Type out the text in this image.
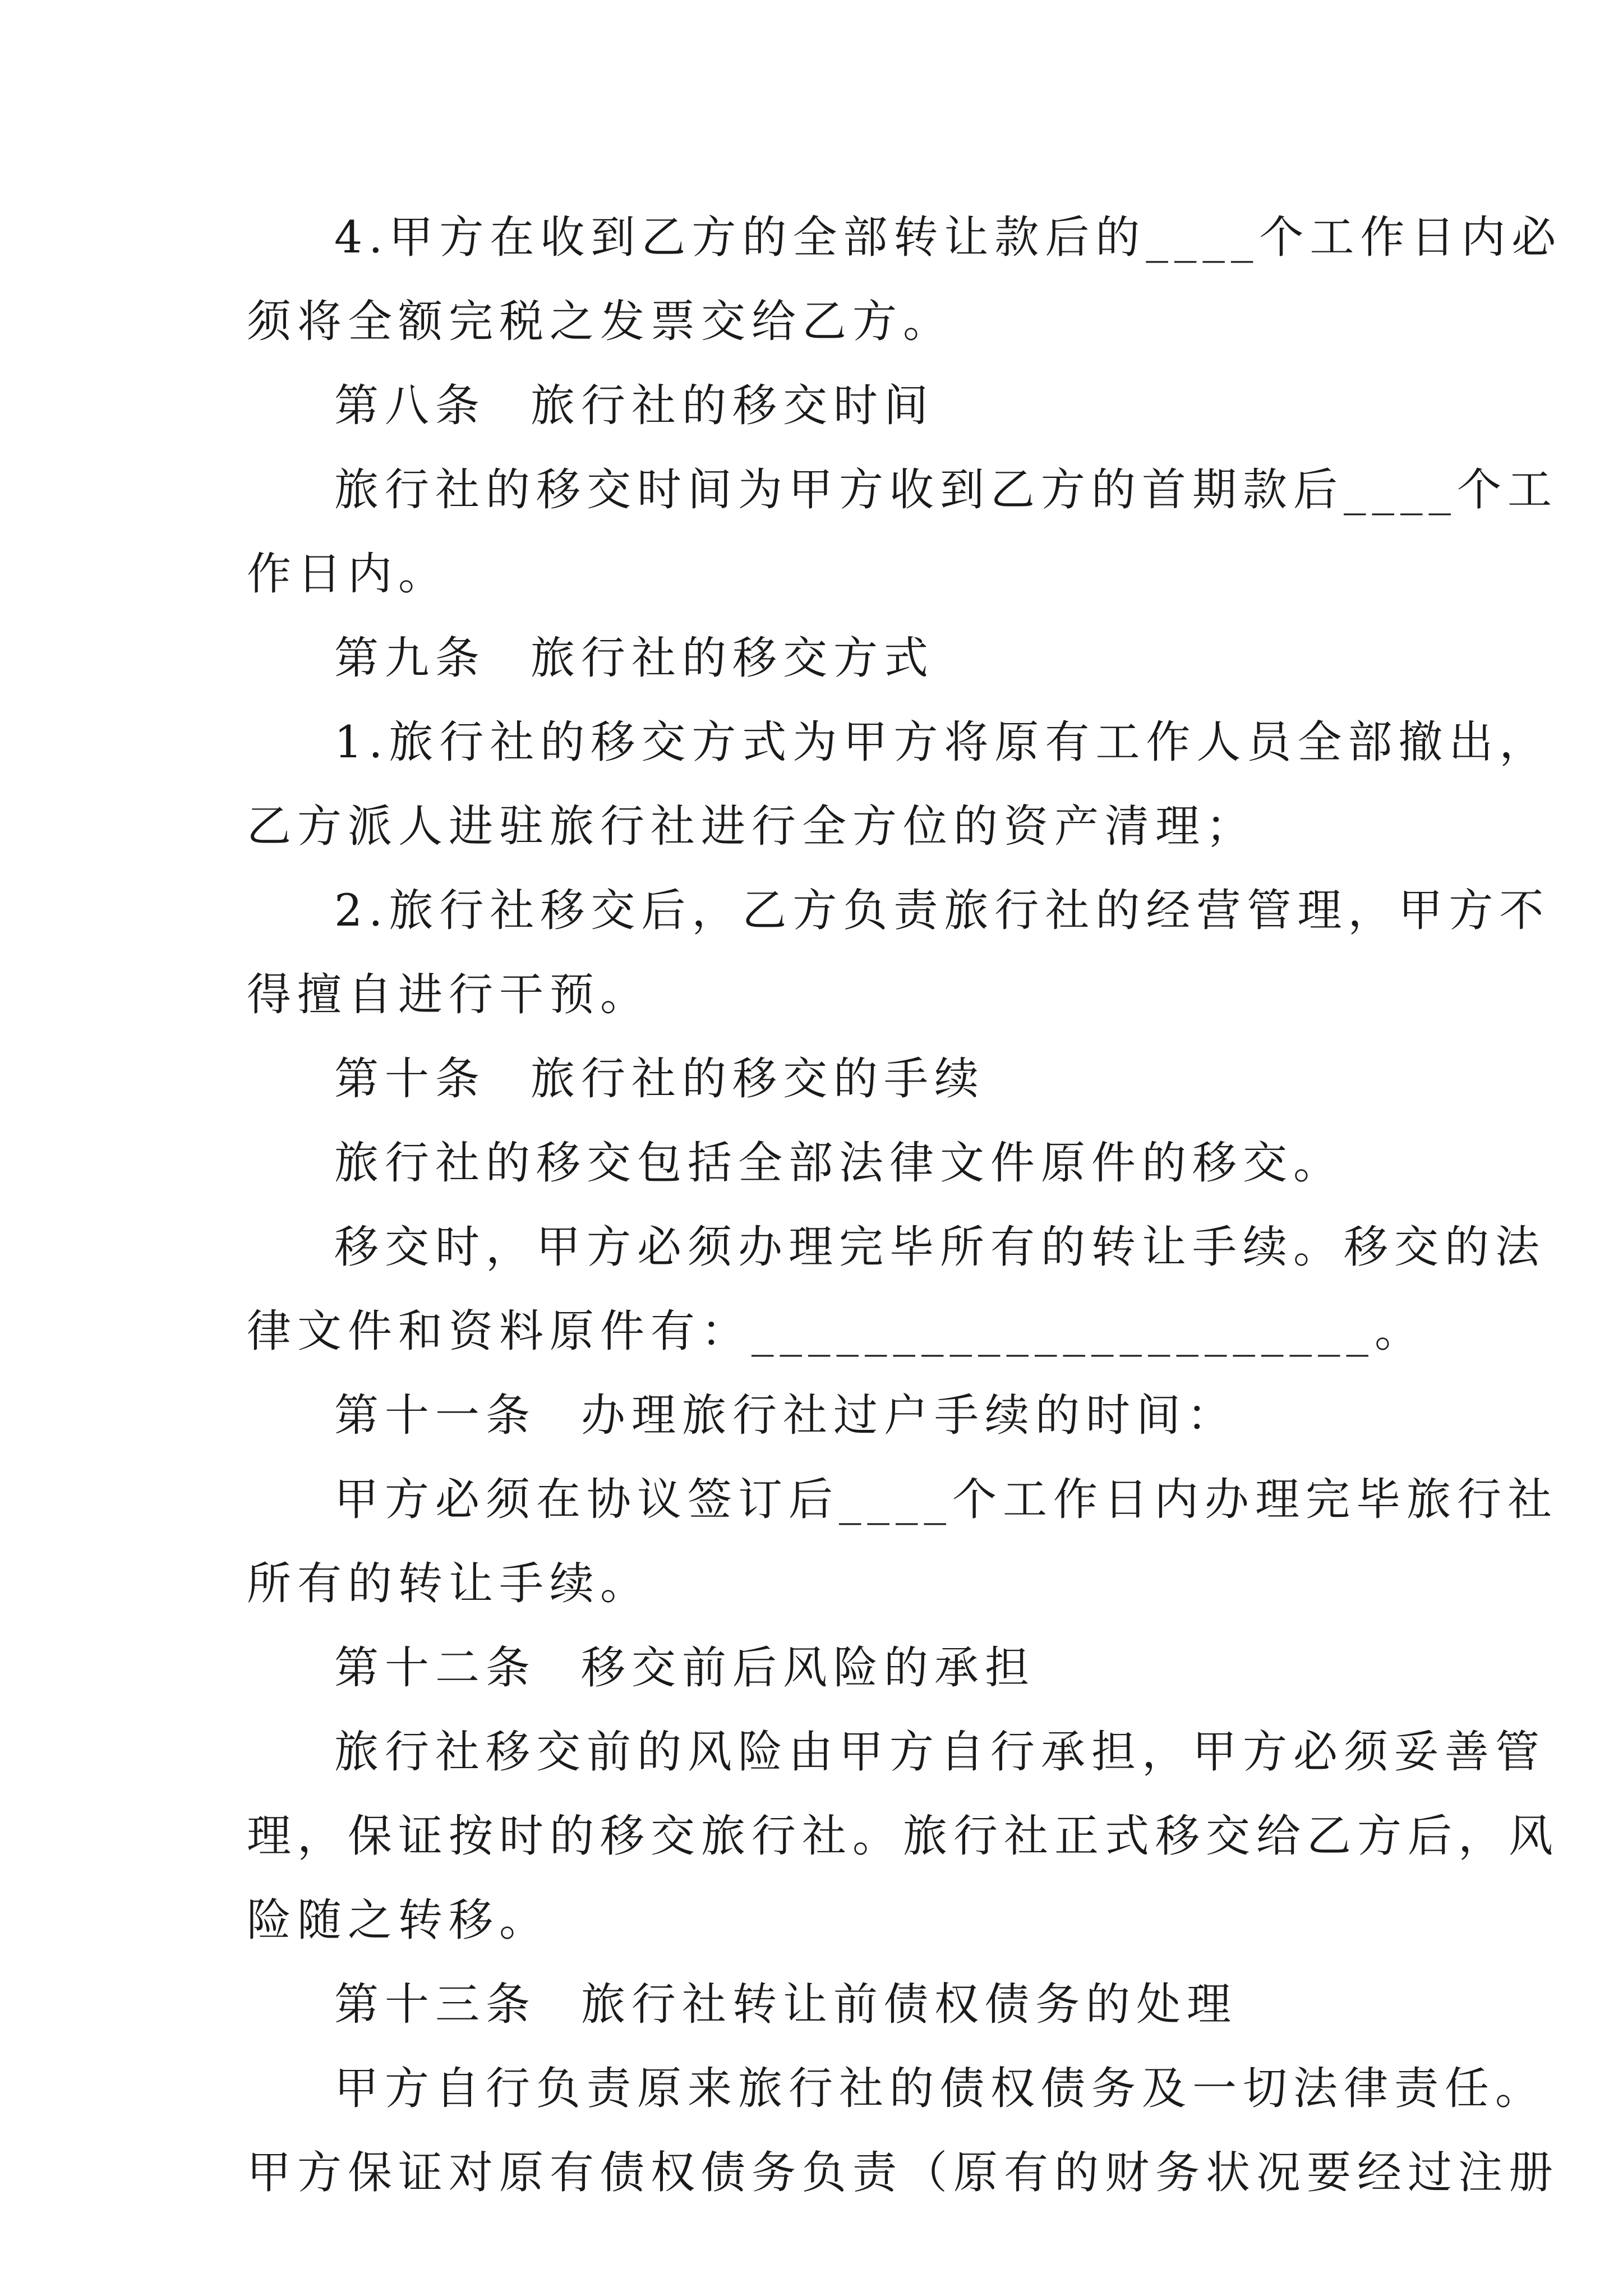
4.甲方在收到乙方的全部转让款后的____个工作日内必
须将全额完税之发票交给乙方。
第八条 旅行社的移交时间
旅行社的移交时间为甲方收到乙方的首期款后____个工
作日内。
第九条 旅行社的移交方式
1.旅行社的移交方式为甲方将原有工作人员全部撤出，
乙方派人进驻旅行社进行全方位的资产清理；
2.旅行社移交后，乙方负责旅行社的经营管理，甲方不
得擅自进行干预。
第十条 旅行社的移交的手续
旅行社的移交包括全部法律文件原件的移交。
移交时，甲方必须办理完毕所有的转让手续。移交的法
律文件和资料原件有：______________________。
第十一条 办理旅行社过户手续的时间：
甲方必须在协议签订后____个工作日内办理完毕旅行社
所有的转让手续。
第十二条 移交前后风险的承担
旅行社移交前的风险由甲方自行承担，甲方必须妥善管
理，保证按时的移交旅行社。旅行社正式移交给乙方后，风
险随之转移。
第十三条 旅行社转让前债权债务的处理
甲方自行负责原来旅行社的债权债务及一切法律责任。
甲方保证对原有债权债务负责（原有的财务状况要经过注册
